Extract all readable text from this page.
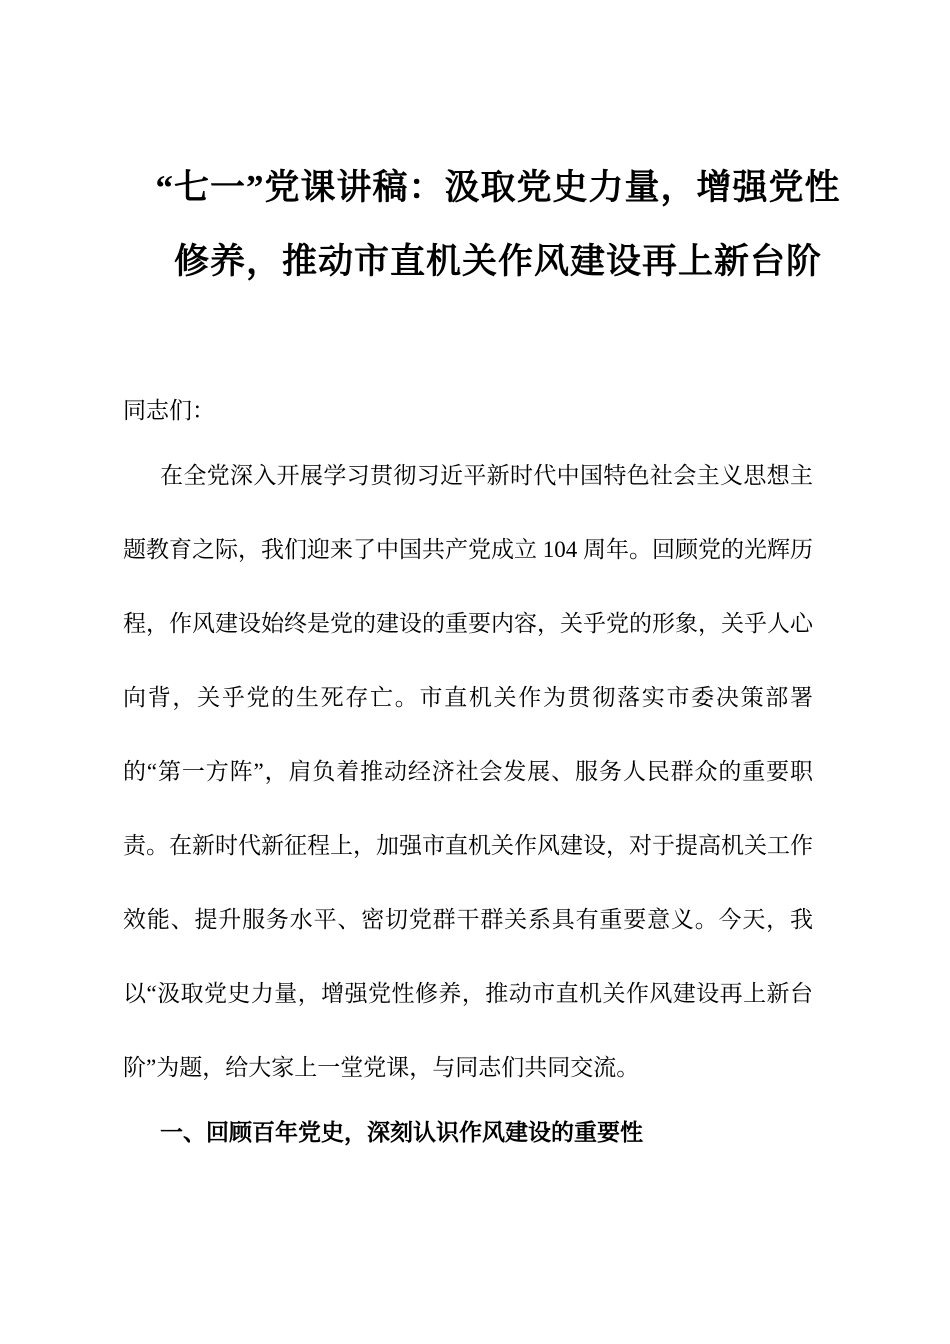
“七一”党课讲稿：汲取党史力量，增强党性
修养，推动市直机关作风建设再上新台阶
同志们：
在全党深入开展学习贯彻习近平新时代中国特色社会主义思想主题教育之际，我们迎来了中国共产党成立 104 周年。回顾党的光辉历程，作风建设始终是党的建设的重要内容，关乎党的形象，关乎人心向背，关乎党的生死存亡。市直机关作为贯彻落实市委决策部署的“第一方阵”，肩负着推动经济社会发展、服务人民群众的重要职责。在新时代新征程上，加强市直机关作风建设，对于提高机关工作效能、提升服务水平、密切党群干群关系具有重要意义。今天，我以“汲取党史力量，增强党性修养，推动市直机关作风建设再上新台阶”为题，给大家上一堂党课，与同志们共同交流。
一、回顾百年党史，深刻认识作风建设的重要性
